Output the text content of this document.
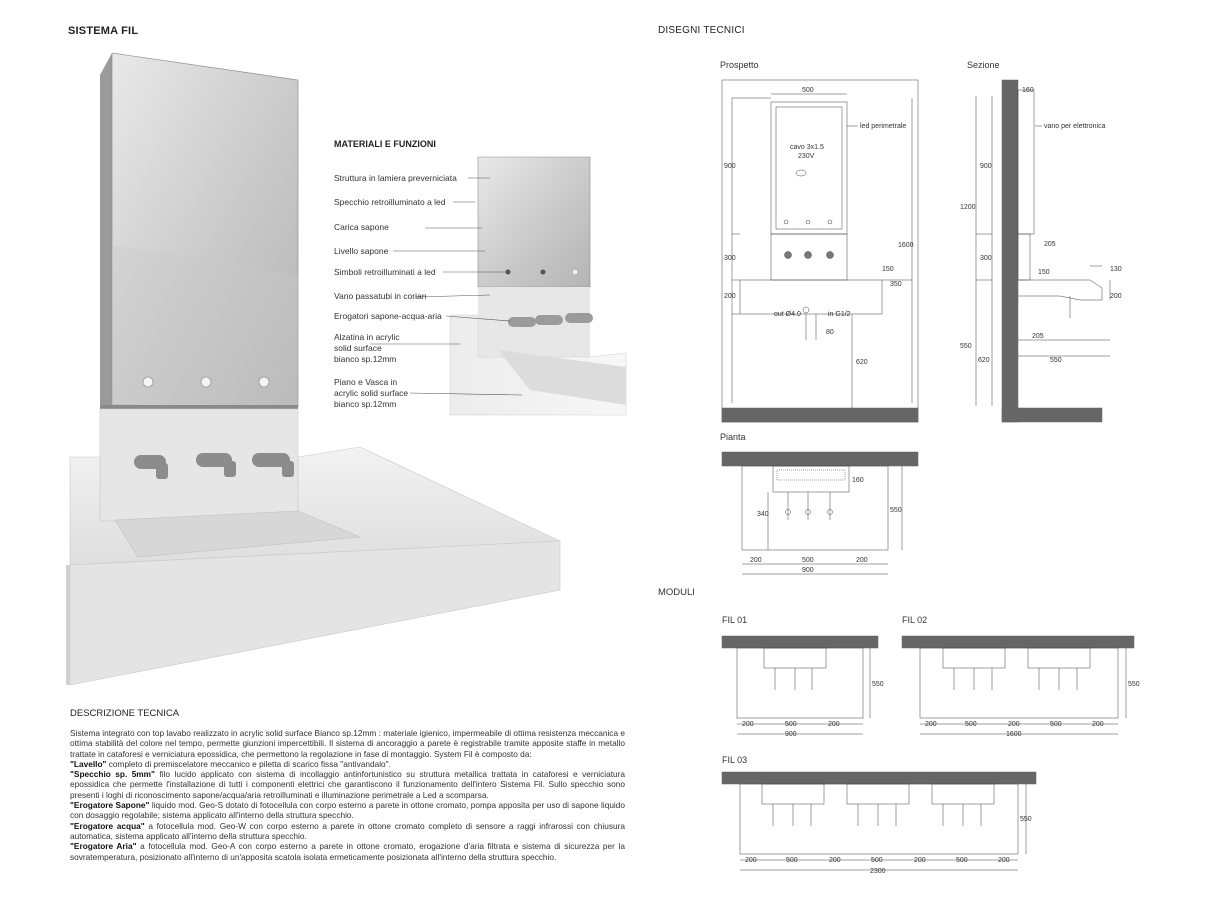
SISTEMA FIL	DISEGNI TECNICI
MATERIALI E FUNZIONI
Struttura in lamiera preverniciata
Specchio retroilluminato a led
Carica sapone
Livello sapone
Simboli retroilluminati a led
Vano passatubi in corian
Erogatori sapone-acqua-aria
Alzatina in acrylic
solid surface
bianco sp.12mm
Piano e Vasca in
acrylic solid surface
bianco sp.12mm
DESCRIZIONE TECNICA
Sistema integrato con top lavabo realizzato in acrylic solid surface Bianco sp.12mm : materiale igienico, impermeabile di ottima resistenza meccanica e ottima stabilità del colore nel tempo, permette giunzioni impercettibili. Il sistema di ancoraggio a parete è registrabile tramite apposite staffe in metallo trattate in cataforesi e verniciatura epossidica, che permettono la regolazione in fase di montaggio. System Fil è composto da:
"Lavello" completo di premiscelatore meccanico e piletta di scarico fissa "antivandalo".
"Specchio sp. 5mm" filo lucido applicato con sistema di incollaggio antinfortunistico su struttura metallica trattata in cataforesi e verniciatura epossidica che permette l'installazione di tutti i componenti elettrici che garantiscono il funzionamento dell'intero Sistema Fil. Sullo specchio sono presenti i loghi di riconoscimento sapone/acqua/aria retroilluminati e illuminazione perimetrale a Led a scomparsa.
"Erogatore Sapone" liquido mod. Geo-S dotato di fotocellula con corpo esterno a parete in ottone cromato, pompa apposita per uso di sapone liquido con dosaggio regolabile; sistema applicato all'interno della struttura specchio.
"Erogatore acqua" a fotocellula mod. Geo-W con corpo esterno a parete in ottone cromato completo di sensore a raggi infrarossi con chiusura automatica, sistema applicato all'interno della struttura specchio.
"Erogatore Aria" a fotocellula mod. Geo-A con corpo esterno a parete in ottone cromato, erogazione d'aria filtrata e sistema di sicurezza per la sovratemperatura, posizionato all'interno di un'apposita scatola isolata ermeticamente posizionata all'interno della struttura specchio.
Prospetto
500
900
300
200
1600
150
350
620
80
led perimetrale
cavo 3x1.5
230V
out Ø4.0	in G1/2
Sezione
160
900
1200
205
300
150	130
200
205
550
620	550
vano per elettronica
Pianta
160
340
550
200	500	200
900
MODULI
FIL 01
550
200	500	200
900
FIL 02
550
200	500	200	500	200
1600
FIL 03
550
200	500	200	500	200	500	200
2300
